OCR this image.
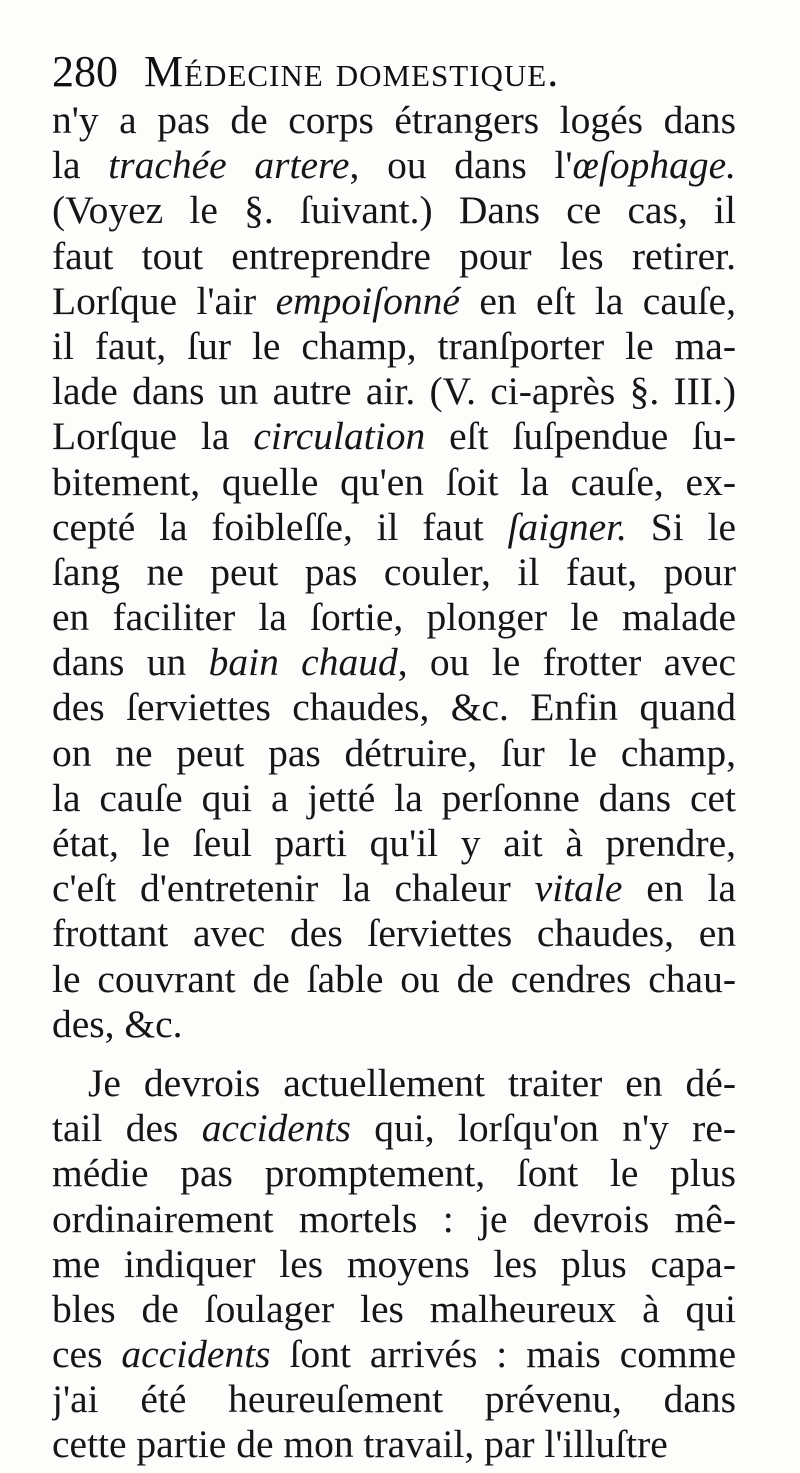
280 Médecine domestique.
n'y a pas de corps étrangers logés dans
la trachée artere, ou dans l'œſophage.
(Voyez le §. ſuivant.) Dans ce cas, il
faut tout entreprendre pour les retirer.
Lorſque l'air empoiſonné en eſt la cauſe,
il faut, ſur le champ, tranſporter le ma-
lade dans un autre air. (V. ci-après §. III.)
Lorſque la circulation eſt ſuſpendue ſu-
bitement, quelle qu'en ſoit la cauſe, ex-
cepté la foibleſſe, il faut ſaigner. Si le
ſang ne peut pas couler, il faut, pour
en faciliter la ſortie, plonger le malade
dans un bain chaud, ou le frotter avec
des ſerviettes chaudes, &c. Enfin quand
on ne peut pas détruire, ſur le champ,
la cauſe qui a jetté la perſonne dans cet
état, le ſeul parti qu'il y ait à prendre,
c'eſt d'entretenir la chaleur vitale en la
frottant avec des ſerviettes chaudes, en
le couvrant de ſable ou de cendres chau-
des, &c.
Je devrois actuellement traiter en dé-
tail des accidents qui, lorſqu'on n'y re-
médie pas promptement, ſont le plus
ordinairement mortels : je devrois mê-
me indiquer les moyens les plus capa-
bles de ſoulager les malheureux à qui
ces accidents ſont arrivés : mais comme
j'ai été heureuſement prévenu, dans
cette partie de mon travail, par l'illuſtre
